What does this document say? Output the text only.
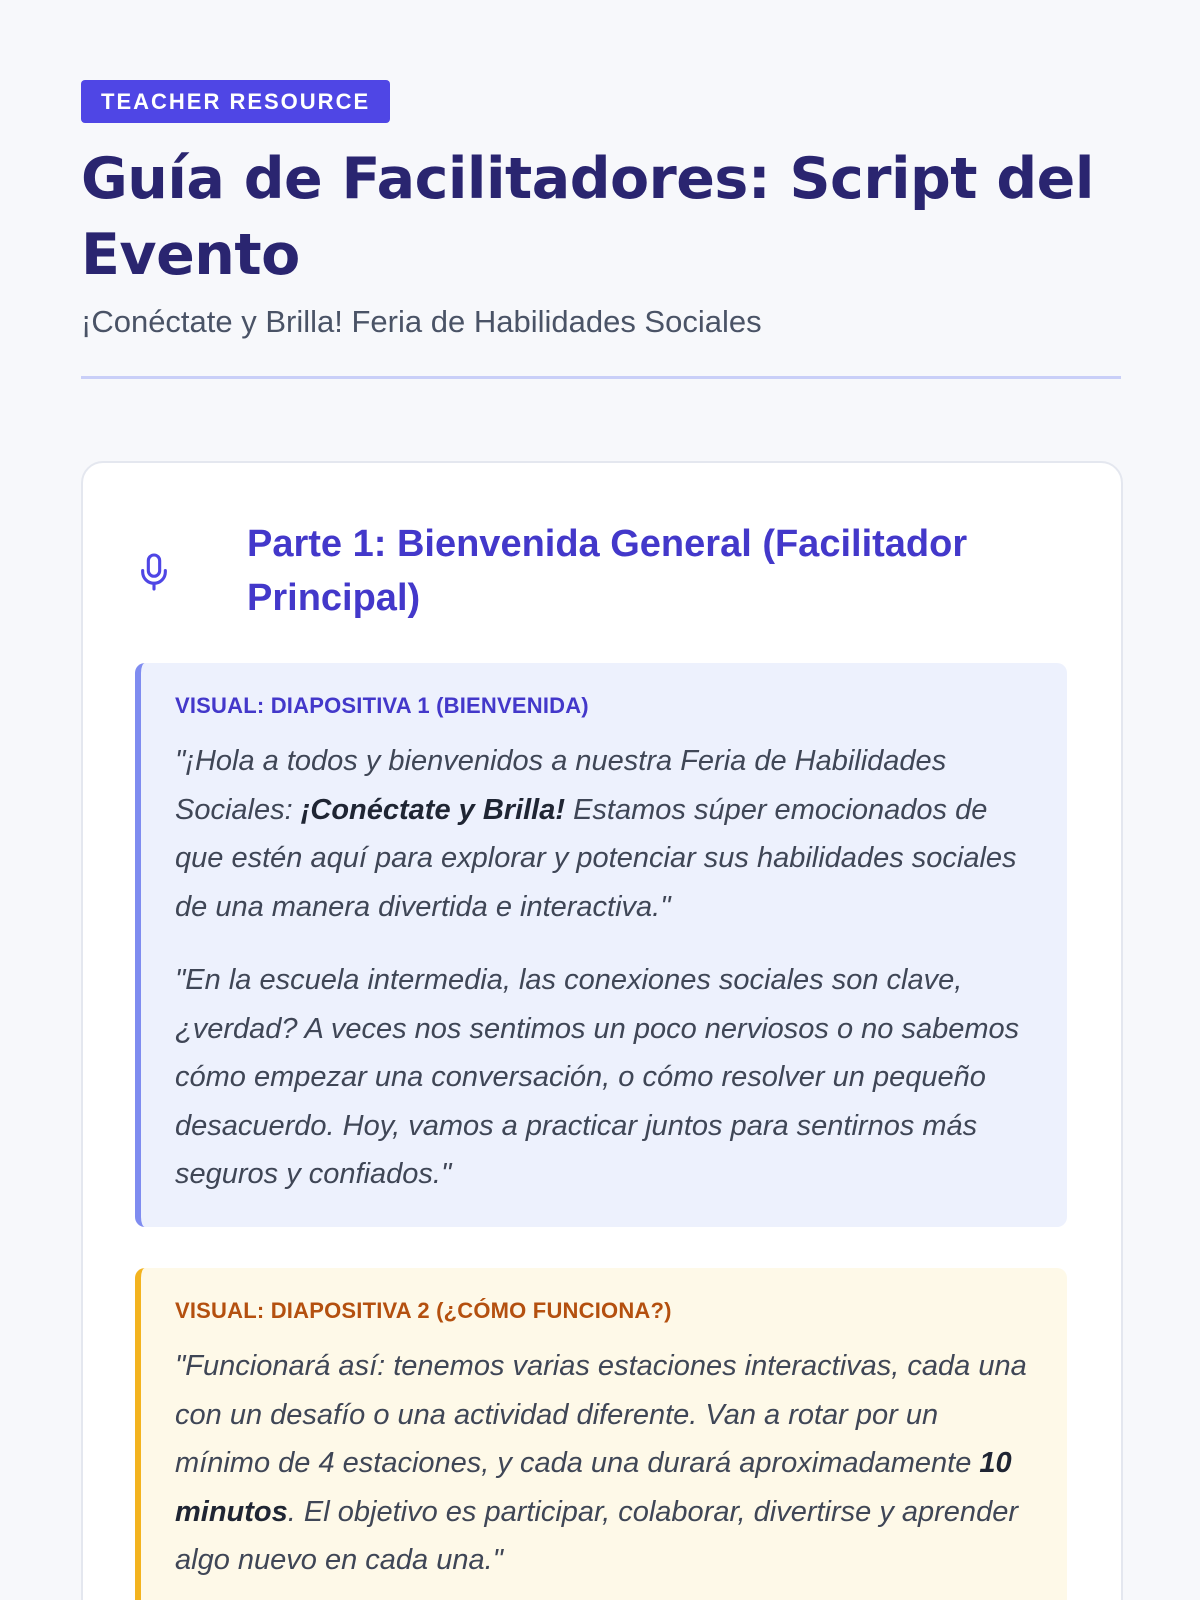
TEACHER RESOURCE
Guía de Facilitadores: Script del Evento
¡Conéctate y Brilla! Feria de Habilidades Sociales
Parte 1: Bienvenida General (Facilitador Principal)
VISUAL: DIAPOSITIVA 1 (BIENVENIDA)

"¡Hola a todos y bienvenidos a nuestra Feria de Habilidades Sociales: ¡Conéctate y Brilla! Estamos súper emocionados de que estén aquí para explorar y potenciar sus habilidades sociales de una manera divertida e interactiva."

"En la escuela intermedia, las conexiones sociales son clave, ¿verdad? A veces nos sentimos un poco nerviosos o no sabemos cómo empezar una conversación, o cómo resolver un pequeño desacuerdo. Hoy, vamos a practicar juntos para sentirnos más seguros y confiados."

VISUAL: DIAPOSITIVA 2 (¿CÓMO FUNCIONA?)

"Funcionará así: tenemos varias estaciones interactivas, cada una con un desafío o una actividad diferente. Van a rotar por un mínimo de 4 estaciones, y cada una durará aproximadamente 10 minutos. El objetivo es participar, colaborar, divertirse y aprender algo nuevo en cada una."
